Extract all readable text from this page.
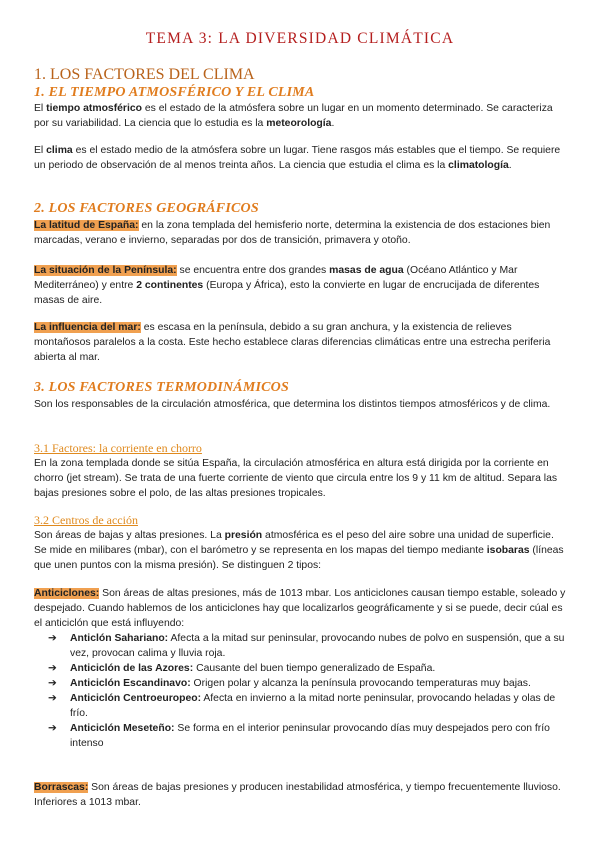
TEMA 3: LA DIVERSIDAD CLIMÁTICA
1. LOS FACTORES DEL CLIMA
1. EL TIEMPO ATMOSFÉRICO Y EL CLIMA
El tiempo atmosférico es el estado de la atmósfera sobre un lugar en un momento determinado. Se caracteriza por su variabilidad. La ciencia que lo estudia es la meteorología.
El clima es el estado medio de la atmósfera sobre un lugar. Tiene rasgos más estables que el tiempo. Se requiere un periodo de observación de al menos treinta años. La ciencia que estudia el clima es la climatología.
2. LOS FACTORES GEOGRÁFICOS
La latitud de España: en la zona templada del hemisferio norte, determina la existencia de dos estaciones bien marcadas, verano e invierno, separadas por dos de transición, primavera y otoño.
La situación de la Península: se encuentra entre dos grandes masas de agua (Océano Atlántico y Mar Mediterráneo) y entre 2 continentes (Europa y África), esto la convierte en lugar de encrucijada de diferentes masas de aire.
La influencia del mar: es escasa en la península, debido a su gran anchura, y la existencia de relieves montañosos paralelos a la costa. Este hecho establece claras diferencias climáticas entre una estrecha periferia abierta al mar.
3. LOS FACTORES TERMODINÁMICOS
Son los responsables de la circulación atmosférica, que determina los distintos tiempos atmosféricos y de clima.
3.1 Factores: la corriente en chorro
En la zona templada donde se sitúa España, la circulación atmosférica en altura está dirigida por la corriente en chorro (jet stream). Se trata de una fuerte corriente de viento que circula entre los 9 y 11 km de altitud. Separa las bajas presiones sobre el polo, de las altas presiones tropicales.
3.2 Centros de acción
Son áreas de bajas y altas presiones. La presión atmosférica es el peso del aire sobre una unidad de superficie. Se mide en milibares (mbar), con el barómetro y se representa en los mapas del tiempo mediante isobaras (líneas que unen puntos con la misma presión). Se distinguen 2 tipos:
Anticiclones: Son áreas de altas presiones, más de 1013 mbar. Los anticiclones causan tiempo estable, soleado y despejado. Cuando hablemos de los anticiclones hay que localizarlos geográficamente y si se puede, decir cúal es el anticiclón que está influyendo:
➔ Anticlón Sahariano: Afecta a la mitad sur peninsular, provocando nubes de polvo en suspensión, que a su vez, provocan calima y lluvia roja.
➔ Anticiclón de las Azores: Causante del buen tiempo generalizado de España.
➔ Anticiclón Escandinavo: Origen polar y alcanza la península provocando temperaturas muy bajas.
➔ Anticiclón Centroeuropeo: Afecta en invierno a la mitad norte peninsular, provocando heladas y olas de frío.
➔ Anticiclón Meseteño: Se forma en el interior peninsular provocando días muy despejados pero con frío intenso
Borrascas: Son áreas de bajas presiones y producen inestabilidad atmosférica, y tiempo frecuentemente lluvioso. Inferiores a 1013 mbar.
